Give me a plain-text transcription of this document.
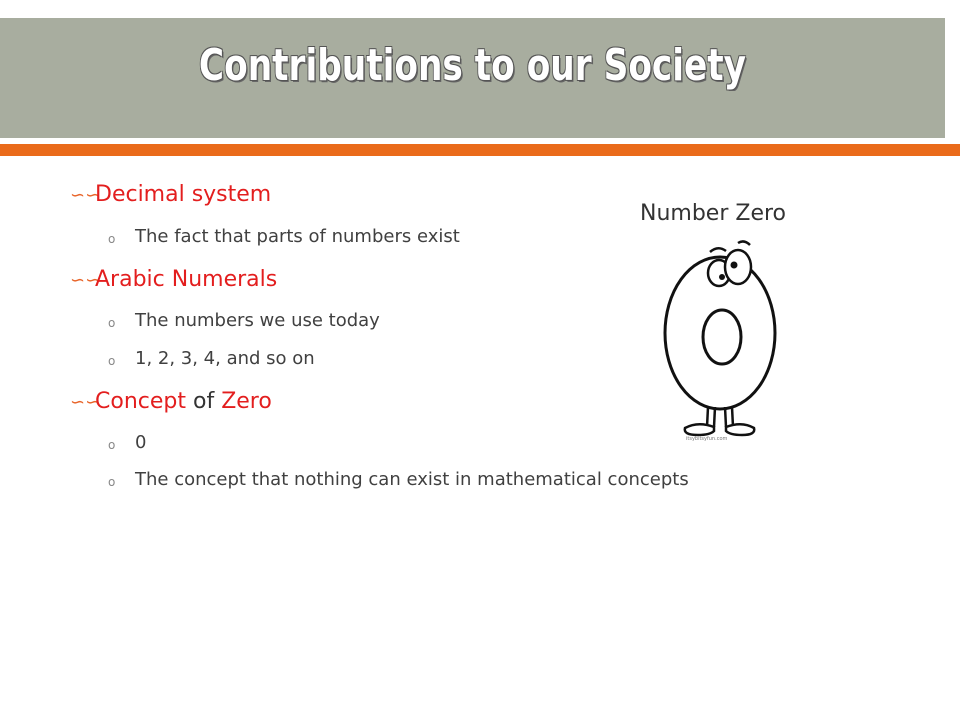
Contributions to our Society
∽∽
Decimal system
o The fact that parts of numbers exist
∽∽
Arabic Numerals
o The numbers we use today
o 1, 2, 3, 4, and so on
∽∽
Concept of Zero
o 0
o The concept that nothing can exist in mathematical concepts
Number Zero
itsybitsyfun.com
